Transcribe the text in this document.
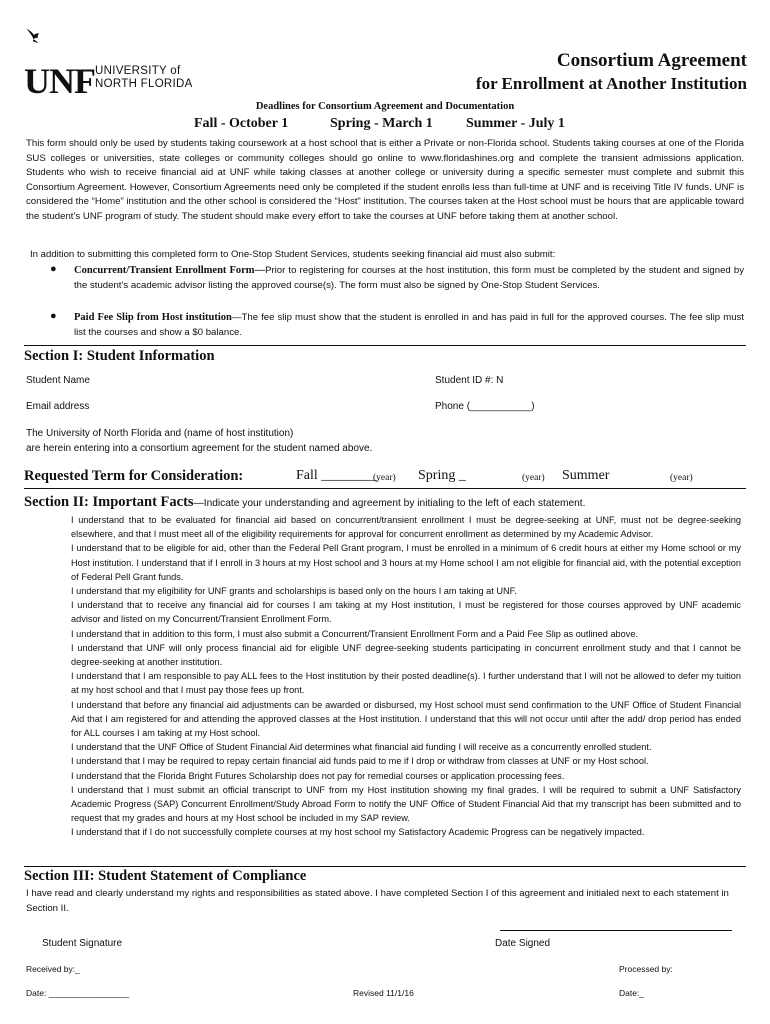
UNF UNIVERSITY of
NORTH FLORIDA
Consortium Agreement
for Enrollment at Another Institution
Deadlines for Consortium Agreement and Documentation
Fall - October 1	Spring - March 1 Summer - July 1

This form should only be used by students taking coursework at a host school that is either a Private or non-Florida school. Students taking courses at one of the Florida SUS colleges or universities, state colleges or community colleges should go online to www.floridashines.org and complete the transient admissions application. Students who wish to receive financial aid at UNF while taking classes at another college or university during a specific semester must complete and submit this Consortium Agreement. However, Consortium Agreements need only be completed if the student enrolls less than full-time at UNF and is receiving Title IV funds. UNF is considered the “Home” institution and the other school is considered the “Host” institution. The courses taken at the Host school must be hours that are applicable toward the student’s UNF program of study. The student should make every effort to take the courses at UNF before taking them at another school.

In addition to submitting this completed form to One-Stop Student Services, students seeking financial aid must also submit:

● Concurrent/Transient Enrollment Form—Prior to registering for courses at the host institution, this form must be completed by the student and signed by the student’s academic advisor listing the approved course(s). The form must also be signed by One-Stop Student Services.

● Paid Fee Slip from Host institution—The fee slip must show that the student is enrolled in and has paid in full for the approved courses. The fee slip must list the courses and show a $0 balance.

Section I: Student Information
Student Name	Student ID #: N
Email address	Phone (___________)
The University of North Florida and (name of host institution)
are herein entering into a consortium agreement for the student named above.
Requested Term for Consideration:	Fall ________
(year) Spring _	(year) Summer	(year)
Section II: Important Facts—Indicate your understanding and agreement by initialing to the left of each statement.

I understand that to be evaluated for financial aid based on concurrent/transient enrollment I must be degree-seeking at UNF, must not be degree-seeking elsewhere, and that I must meet all of the eligibility requirements for approval for concurrent enrollment as determined by my Academic Advisor.

I understand that to be eligible for aid, other than the Federal Pell Grant program, I must be enrolled in a minimum of 6 credit hours at either my Home school or my Host institution. I understand that if I enroll in 3 hours at my Host school and 3 hours at my Home school I am not eligible for financial aid, with the potential exception of Federal Pell Grant funds.

I understand that my eligibility for UNF grants and scholarships is based only on the hours I am taking at UNF.

I understand that to receive any financial aid for courses I am taking at my Host institution, I must be registered for those courses approved by UNF academic advisor and listed on my Concurrent/Transient Enrollment Form.

I understand that in addition to this form, I must also submit a Concurrent/Transient Enrollment Form and a Paid Fee Slip as outlined above.

I understand that UNF will only process financial aid for eligible UNF degree-seeking students participating in concurrent enrollment study and that I cannot be degree-seeking at another institution.

I understand that I am responsible to pay ALL fees to the Host institution by their posted deadline(s). I further understand that I will not be allowed to defer my tuition at my host school and that I must pay those fees up front.

I understand that before any financial aid adjustments can be awarded or disbursed, my Host school must send confirmation to the UNF Office of Student Financial Aid that I am registered for and attending the approved classes at the Host institution. I understand that this will not occur until after the add/ drop period has ended for ALL courses I am taking at my Host school.

I understand that the UNF Office of Student Financial Aid determines what financial aid funding I will receive as a concurrently enrolled student.

I understand that I may be required to repay certain financial aid funds paid to me if I drop or withdraw from classes at UNF or my Host school.

I understand that the Florida Bright Futures Scholarship does not pay for remedial courses or application processing fees.

I understand that I must submit an official transcript to UNF from my Host institution showing my final grades. I will be required to submit a UNF Satisfactory Academic Progress (SAP) Concurrent Enrollment/Study Abroad Form to notify the UNF Office of Student Financial Aid that my transcript has been submitted and to request that my grades and hours at my Host school be included in my SAP review.

I understand that if I do not successfully complete courses at my host school my Satisfactory Academic Progress can be negatively impacted.

Section III: Student Statement of Compliance

I have read and clearly understand my rights and responsibilities as stated above. I have completed Section I of this agreement and initialed next to each statement in Section II.

Student Signature	Date Signed
Received by:_	Processed by:
Date: _________________	Revised 11/1/16	Date:_
